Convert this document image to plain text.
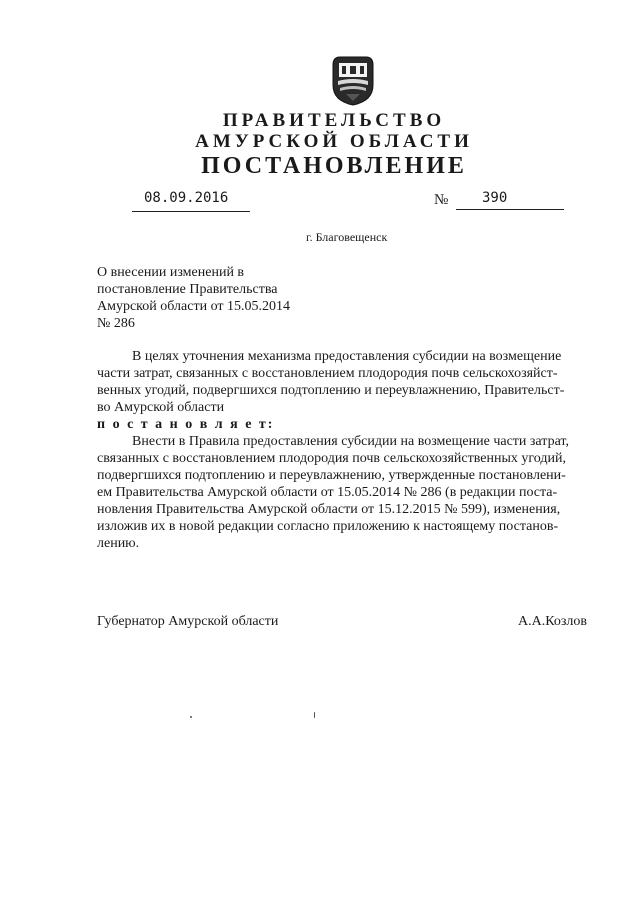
ПРАВИТЕЛЬСТВО
АМУРСКОЙ ОБЛАСТИ
ПОСТАНОВЛЕНИЕ
08.09.2016	№ 390
г. Благовещенск
О внесении изменений в
постановление Правительства
Амурской области от 15.05.2014
№ 286
В целях уточнения механизма предоставления субсидии на возмещение
части затрат, связанных с восстановлением плодородия почв сельскохозяйст-
венных угодий, подвергшихся подтоплению и переувлажнению, Правительст-
во Амурской области
п о с т а н о в л я е т:
Внести в Правила предоставления субсидии на возмещение части затрат,
связанных с восстановлением плодородия почв сельскохозяйственных угодий,
подвергшихся подтоплению и переувлажнению, утвержденные постановлени-
ем Правительства Амурской области от 15.05.2014 № 286 (в редакции поста-
новления Правительства Амурской области от 15.12.2015 № 599), изменения,
изложив их в новой редакции согласно приложению к настоящему постанов-
лению.
Губернатор Амурской области	А.А.Козлов
